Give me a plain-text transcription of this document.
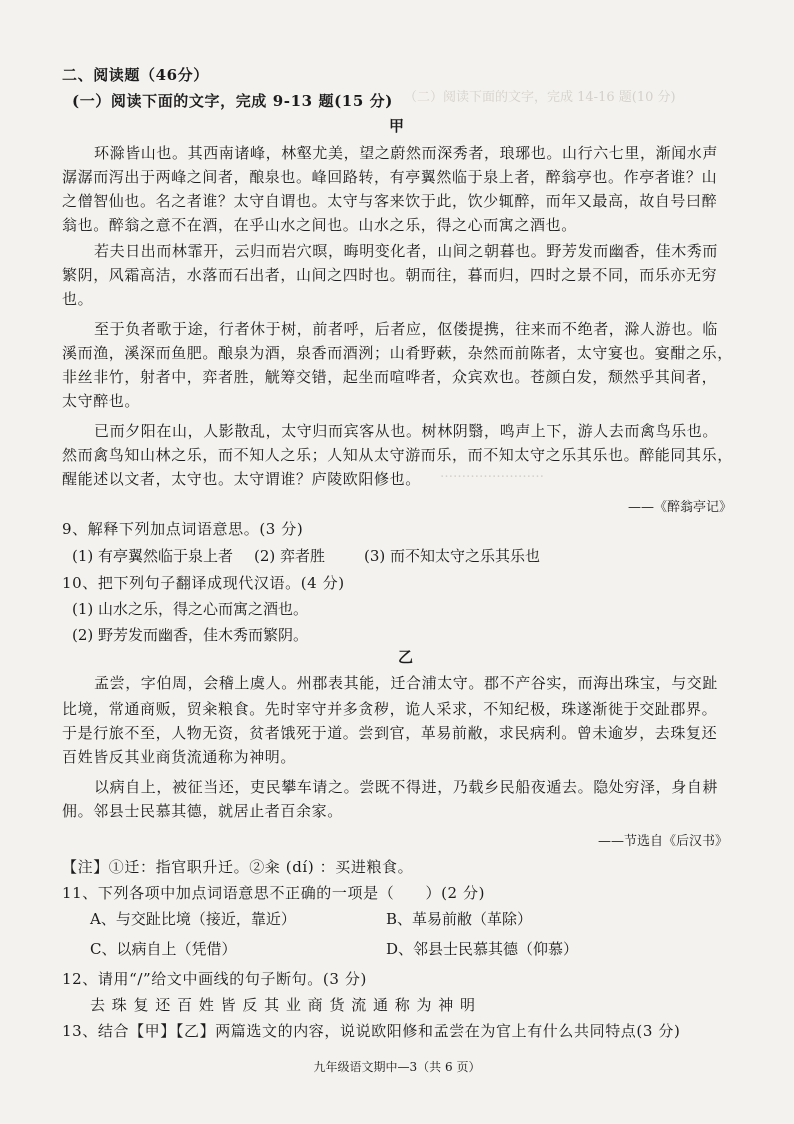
（二）阅读下面的文字，完成 14-16 题(10 分)
……………………
二、阅读题（46分）
(一）阅读下面的文字，完成 9-13 题(15 分)
甲
环滁皆山也。其西南诸峰，林壑尤美，望之蔚然而深秀者，琅琊也。山行六七里，渐闻水声
潺潺而泻出于两峰之间者，酿泉也。峰回路转，有亭翼然临于泉上者，醉翁亭也。作亭者谁？山
之僧智仙也。名之者谁？太守自谓也。太守与客来饮于此，饮少辄醉，而年又最高，故自号曰醉
翁也。醉翁之意不在酒，在乎山水之间也。山水之乐，得之心而寓之酒也。
若夫日出而林霏开，云归而岩穴暝，晦明变化者，山间之朝暮也。野芳发而幽香，佳木秀而
繁阴，风霜高洁，水落而石出者，山间之四时也。朝而往，暮而归，四时之景不同，而乐亦无穷
也。
至于负者歌于途，行者休于树，前者呼，后者应，伛偻提携，往来而不绝者，滁人游也。临
溪而渔，溪深而鱼肥。酿泉为酒，泉香而酒洌；山肴野蔌，杂然而前陈者，太守宴也。宴酣之乐，
非丝非竹，射者中，弈者胜，觥筹交错，起坐而喧哗者，众宾欢也。苍颜白发，颓然乎其间者，
太守醉也。
已而夕阳在山，人影散乱，太守归而宾客从也。树林阴翳，鸣声上下，游人去而禽鸟乐也。
然而禽鸟知山林之乐，而不知人之乐；人知从太守游而乐，而不知太守之乐其乐也。醉能同其乐，
醒能述以文者，太守也。太守谓谁？庐陵欧阳修也。
——《醉翁亭记》
9、解释下列加点词语意思。(3 分)
(1) 有亭翼然临于泉上者 (2) 弈者胜	(3) 而不知太守之乐其乐也
10、把下列句子翻译成现代汉语。(4 分)
(1) 山水之乐，得之心而寓之酒也。
(2) 野芳发而幽香，佳木秀而繁阴。
乙
孟尝，字伯周，会稽上虞人。州郡表其能，迁合浦太守。郡不产谷实，而海出珠宝，与交趾
比境，常通商贩，贸籴粮食。先时宰守并多贪秽，诡人采求，不知纪极，珠遂渐徙于交趾郡界。
于是行旅不至，人物无资，贫者饿死于道。尝到官，革易前敝，求民病利。曾未逾岁，去珠复还
百姓皆反其业商货流通称为神明。
以病自上，被征当还，吏民攀车请之。尝既不得进，乃载乡民船夜遁去。隐处穷泽，身自耕
佣。邻县士民慕其德，就居止者百余家。
——节选自《后汉书》
【注】①迁：指官职升迁。②籴 (dí) ：买进粮食。
11、下列各项中加点词语意思不正确的一项是（　　）(2 分)
A、与交趾比境（接近，靠近）	B、革易前敝（革除）
C、以病自上（凭借）	D、邻县士民慕其德（仰慕）
12、请用“/”给文中画线的句子断句。(3 分)
去 珠 复 还 百 姓 皆 反 其 业 商 货 流 通 称 为 神 明
13、结合【甲】【乙】两篇选文的内容，说说欧阳修和孟尝在为官上有什么共同特点(3 分)
九年级语文期中—3（共 6 页）
